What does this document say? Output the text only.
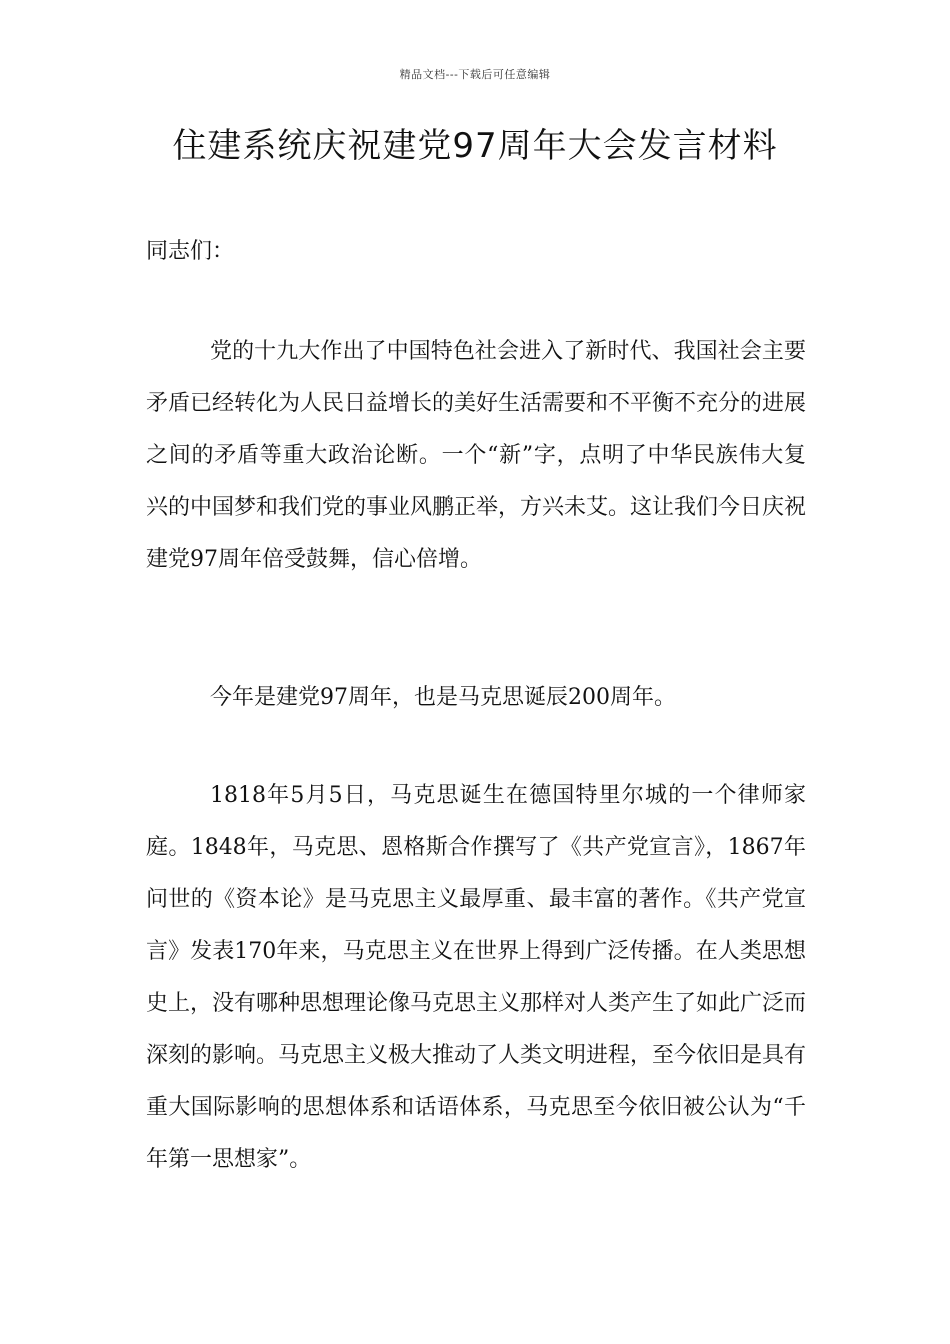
精品文档---下载后可任意编辑
住建系统庆祝建党97周年大会发言材料
同志们：

党的十九大作出了中国特色社会进入了新时代、我国社会主要矛盾已经转化为人民日益增长的美好生活需要和不平衡不充分的进展之间的矛盾等重大政治论断。一个“新”字，点明了中华民族伟大复兴的中国梦和我们党的事业风鹏正举，方兴未艾。这让我们今日庆祝建党97周年倍受鼓舞，信心倍增。

今年是建党97周年，也是马克思诞辰200周年。

1818年5月5日，马克思诞生在德国特里尔城的一个律师家庭。1848年，马克思、恩格斯合作撰写了《共产党宣言》，1867年问世的《资本论》是马克思主义最厚重、最丰富的著作。《共产党宣言》发表170年来，马克思主义在世界上得到广泛传播。在人类思想史上，没有哪种思想理论像马克思主义那样对人类产生了如此广泛而深刻的影响。马克思主义极大推动了人类文明进程，至今依旧是具有重大国际影响的思想体系和话语体系，马克思至今依旧被公认为“千年第一思想家”。
